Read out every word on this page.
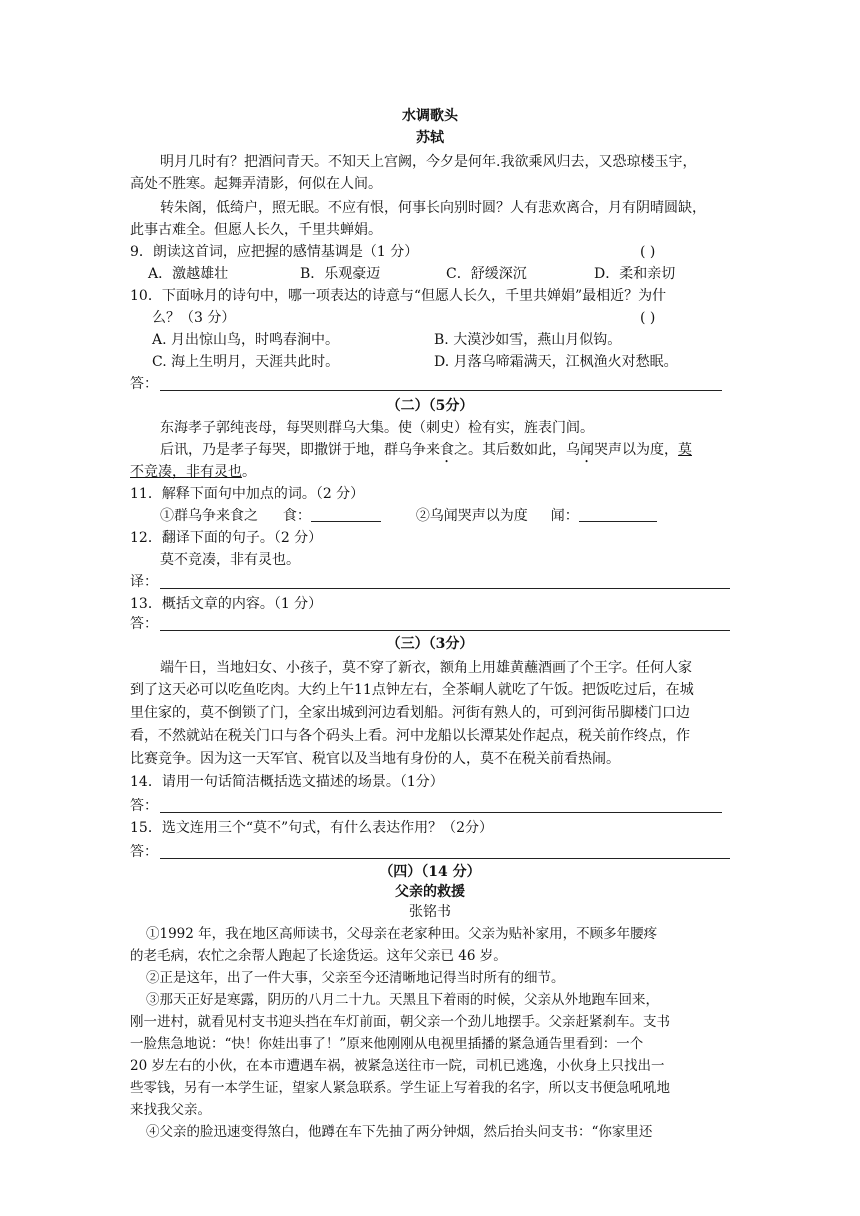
水调歌头
苏轼
明月几时有？把酒问青天。不知天上宫阙，今夕是何年.我欲乘风归去，又恐琼楼玉宇，
高处不胜寒。起舞弄清影，何似在人间。
转朱阁，低绮户，照无眠。不应有恨，何事长向别时圆？人有悲欢离合，月有阴晴圆缺，
此事古难全。但愿人长久，千里共蝉娟。
9．朗读这首词，应把握的感情基调是（1 分）	( )
A．激越雄壮	B．乐观豪迈	C．舒缓深沉	D．柔和亲切
10．下面咏月的诗句中，哪一项表达的诗意与“但愿人长久，千里共婵娟”最相近？为什
么？（3 分）	( )
A. 月出惊山鸟，时鸣春涧中。	B. 大漠沙如雪，燕山月似钩。
C. 海上生明月，天涯共此时。	D. 月落乌啼霜满天，江枫渔火对愁眠。
答：
（二）（5分）
东海孝子郭纯丧母，每哭则群乌大集。使（刺史）检有实，旌表门闾。
后讯，乃是孝子每哭，即撒饼于地，群乌争来食之。其后数如此，乌闻哭声以为度，莫
不竞凑，非有灵也。
11．解释下面句中加点的词。（2 分）
①群乌争来食之 食：	②乌闻哭声以为度 闻：
12．翻译下面的句子。（2 分）
莫不竞凑，非有灵也。
译：
13．概括文章的内容。（1 分）
答：
（三）（3分）
端午日，当地妇女、小孩子，莫不穿了新衣，额角上用雄黄蘸酒画了个王字。任何人家
到了这天必可以吃鱼吃肉。大约上午11点钟左右，全茶峒人就吃了午饭。把饭吃过后，在城
里住家的，莫不倒锁了门，全家出城到河边看划船。河街有熟人的，可到河街吊脚楼门口边
看，不然就站在税关门口与各个码头上看。河中龙船以长潭某处作起点，税关前作终点，作
比赛竞争。因为这一天军官、税官以及当地有身份的人，莫不在税关前看热闹。
14．请用一句话简洁概括选文描述的场景。（1分）
答：
15．选文连用三个“莫不”句式，有什么表达作用？（2分）
答：
（四）（14 分）
父亲的救援
张铭书
①1992 年，我在地区高师读书，父母亲在老家种田。父亲为贴补家用，不顾多年腰疼
的老毛病，农忙之余帮人跑起了长途货运。这年父亲已 46 岁。
②正是这年，出了一件大事，父亲至今还清晰地记得当时所有的细节。
③那天正好是寒露，阴历的八月二十九。天黑且下着雨的时候，父亲从外地跑车回来，
刚一进村，就看见村支书迎头挡在车灯前面，朝父亲一个劲儿地摆手。父亲赶紧刹车。支书
一脸焦急地说：“快！你娃出事了！”原来他刚刚从电视里插播的紧急通告里看到：一个
20 岁左右的小伙，在本市遭遇车祸，被紧急送往市一院，司机已逃逸，小伙身上只找出一
些零钱，另有一本学生证，望家人紧急联系。学生证上写着我的名字，所以支书便急吼吼地
来找我父亲。
④父亲的脸迅速变得煞白，他蹲在车下先抽了两分钟烟，然后抬头问支书：“你家里还
